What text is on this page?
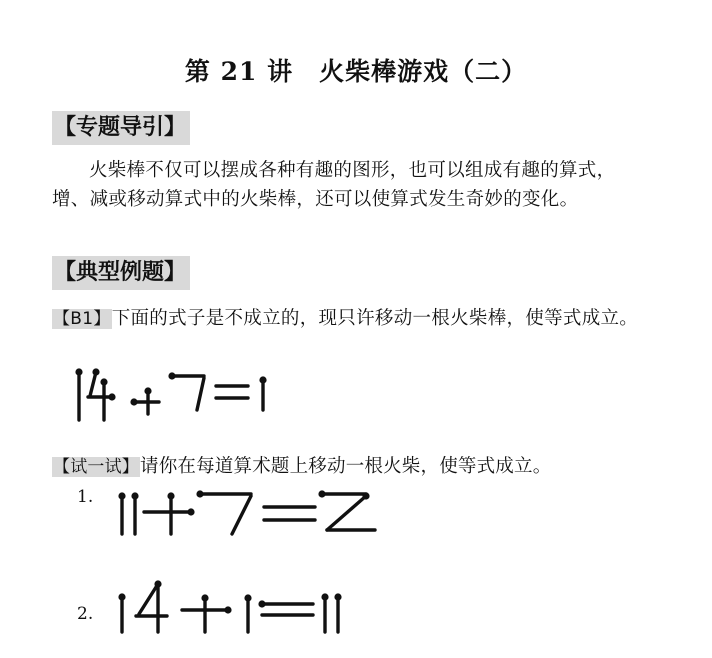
第 21 讲 火柴棒游戏（二）
【专题导引】
火柴棒不仅可以摆成各种有趣的图形，也可以组成有趣的算式，增、减或移动算式中的火柴棒，还可以使算式发生奇妙的变化。
【典型例题】
【B1】下面的式子是不成立的，现只许移动一根火柴棒，使等式成立。
【试一试】请你在每道算术题上移动一根火柴，使等式成立。
1.
2.
